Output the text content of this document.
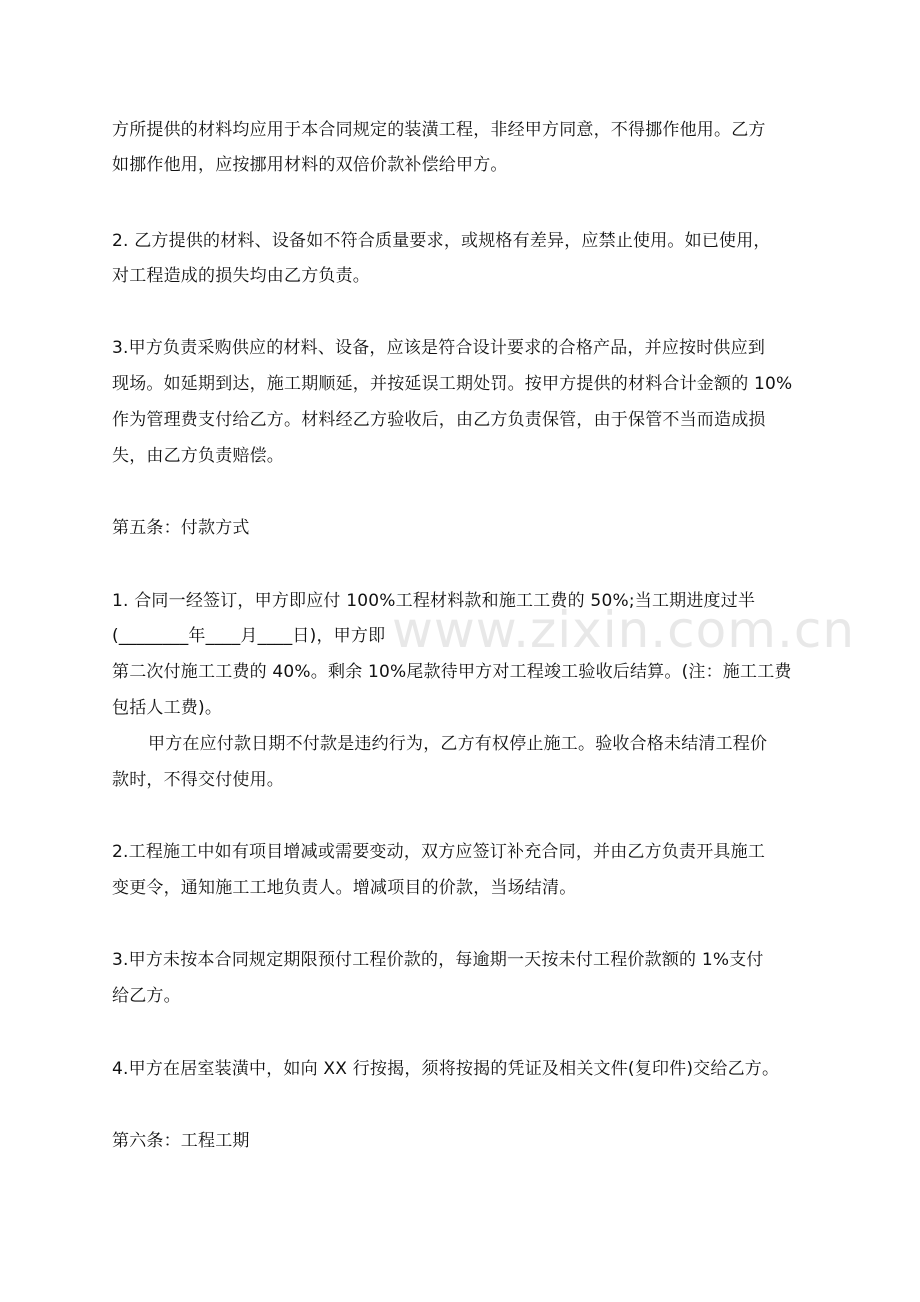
www.zixin.com.cn
方所提供的材料均应用于本合同规定的装潢工程，非经甲方同意，不得挪作他用。乙方
如挪作他用，应按挪用材料的双倍价款补偿给甲方。
2. 乙方提供的材料、设备如不符合质量要求，或规格有差异，应禁止使用。如已使用，
对工程造成的损失均由乙方负责。
3.甲方负责采购供应的材料、设备，应该是符合设计要求的合格产品，并应按时供应到
现场。如延期到达，施工期顺延，并按延误工期处罚。按甲方提供的材料合计金额的 10%
作为管理费支付给乙方。材料经乙方验收后，由乙方负责保管，由于保管不当而造成损
失，由乙方负责赔偿。
第五条：付款方式
1. 合同一经签订，甲方即应付 100%工程材料款和施工工费的 50%;当工期进度过半
(________年____月____日)，甲方即
第二次付施工工费的 40%。剩余 10%尾款待甲方对工程竣工验收后结算。(注：施工工费
包括人工费)。
甲方在应付款日期不付款是违约行为，乙方有权停止施工。验收合格未结清工程价
款时，不得交付使用。
2.工程施工中如有项目增减或需要变动，双方应签订补充合同，并由乙方负责开具施工
变更令，通知施工工地负责人。增减项目的价款，当场结清。
3.甲方未按本合同规定期限预付工程价款的，每逾期一天按未付工程价款额的 1%支付
给乙方。
4.甲方在居室装潢中，如向 XX 行按揭，须将按揭的凭证及相关文件(复印件)交给乙方。
第六条：工程工期
